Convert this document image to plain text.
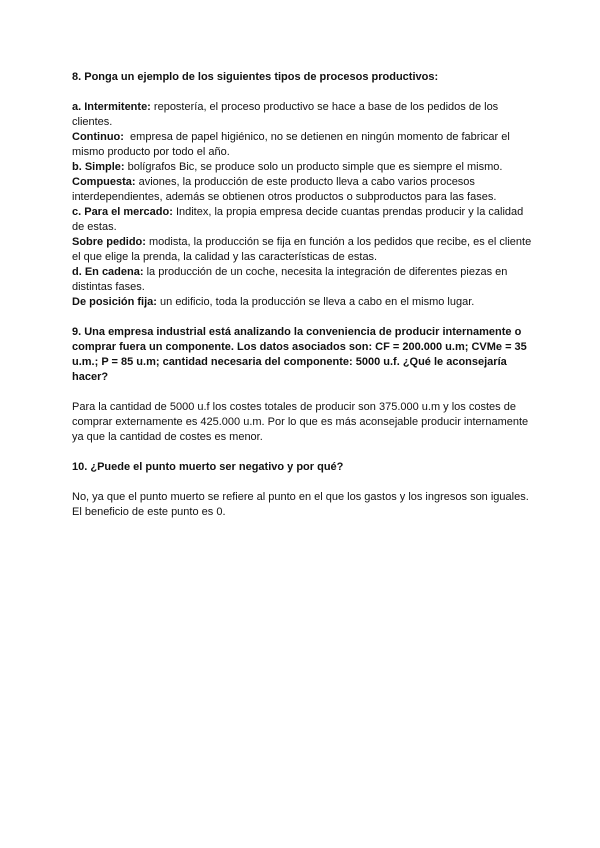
8. Ponga un ejemplo de los siguientes tipos de procesos productivos:

a. Intermitente: repostería, el proceso productivo se hace a base de los pedidos de los clientes.

Continuo:  empresa de papel higiénico, no se detienen en ningún momento de fabricar el mismo producto por todo el año.

b. Simple: bolígrafos Bic, se produce solo un producto simple que es siempre el mismo.

Compuesta: aviones, la producción de este producto lleva a cabo varios procesos interdependientes, además se obtienen otros productos o subproductos para las fases.

c. Para el mercado: Inditex, la propia empresa decide cuantas prendas producir y la calidad de estas.

Sobre pedido: modista, la producción se fija en función a los pedidos que recibe, es el cliente el que elige la prenda, la calidad y las características de estas.

d. En cadena: la producción de un coche, necesita la integración de diferentes piezas en distintas fases.

De posición fija: un edificio, toda la producción se lleva a cabo en el mismo lugar.

9. Una empresa industrial está analizando la conveniencia de producir internamente o comprar fuera un componente. Los datos asociados son: CF = 200.000 u.m; CVMe = 35 u.m.; P = 85 u.m; cantidad necesaria del componente: 5000 u.f. ¿Qué le aconsejaría hacer?

Para la cantidad de 5000 u.f los costes totales de producir son 375.000 u.m y los costes de comprar externamente es 425.000 u.m. Por lo que es más aconsejable producir internamente ya que la cantidad de costes es menor.

10. ¿Puede el punto muerto ser negativo y por qué?

No, ya que el punto muerto se refiere al punto en el que los gastos y los ingresos son iguales. El beneficio de este punto es 0.
